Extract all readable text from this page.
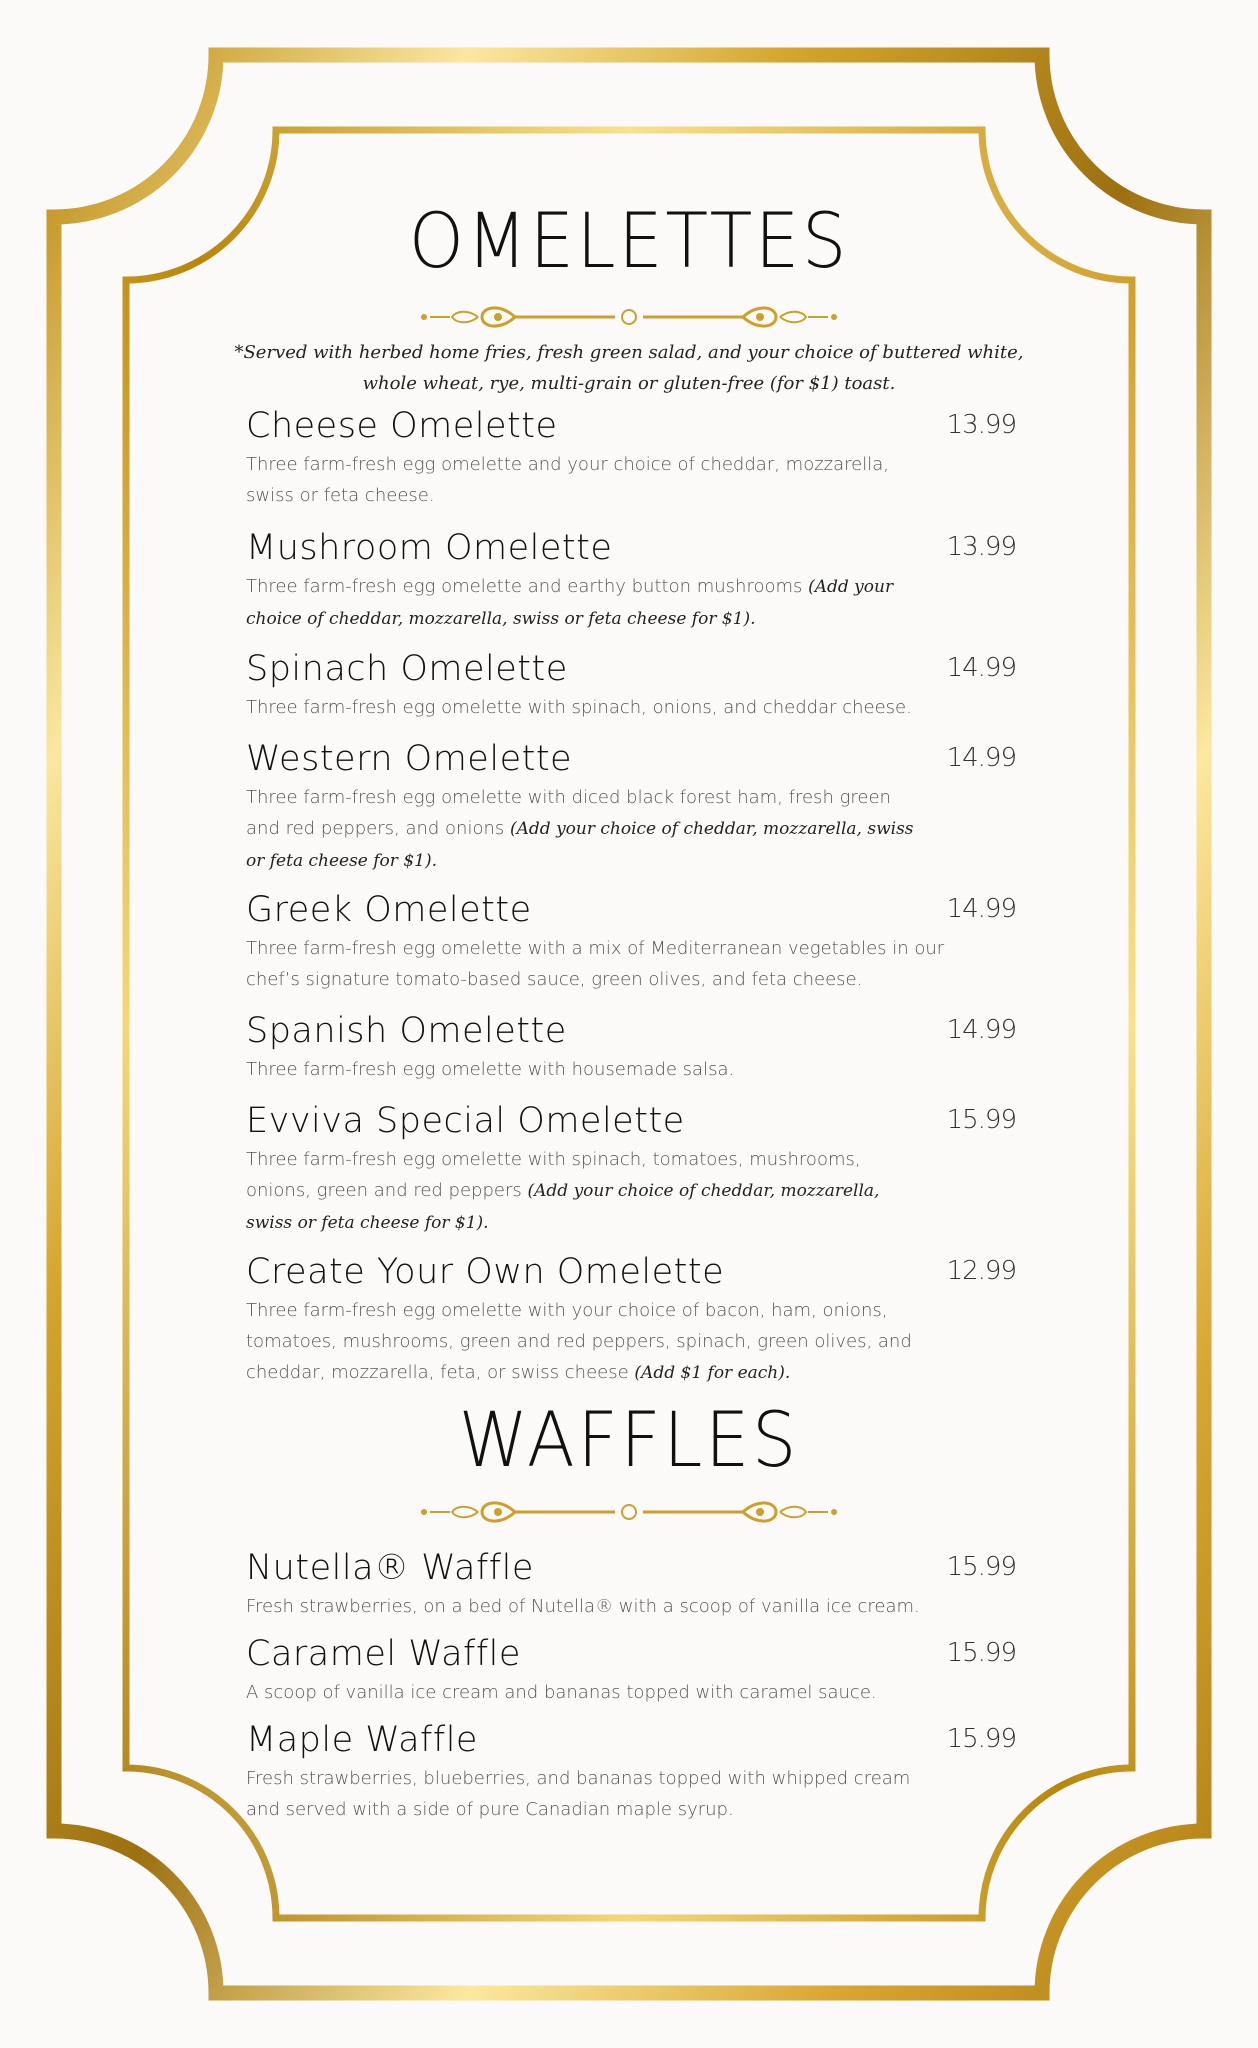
OMELETTES
*Served with herbed home fries, fresh green salad, and your choice of buttered white,
whole wheat, rye, multi-grain or gluten-free (for $1) toast.
Cheese Omelette	13.99
Three farm-fresh egg omelette and your choice of cheddar, mozzarella,
swiss or feta cheese.
Mushroom Omelette	13.99
Three farm-fresh egg omelette and earthy button mushrooms (Add your
choice of cheddar, mozzarella, swiss or feta cheese for $1).
Spinach Omelette	14.99
Three farm-fresh egg omelette with spinach, onions, and cheddar cheese.
Western Omelette	14.99
Three farm-fresh egg omelette with diced black forest ham, fresh green
and red peppers, and onions (Add your choice of cheddar, mozzarella, swiss
or feta cheese for $1).
Greek Omelette	14.99
Three farm-fresh egg omelette with a mix of Mediterranean vegetables in our
chef’s signature tomato-based sauce, green olives, and feta cheese.
Spanish Omelette	14.99
Three farm-fresh egg omelette with housemade salsa.
Evviva Special Omelette	15.99
Three farm-fresh egg omelette with spinach, tomatoes, mushrooms,
onions, green and red peppers (Add your choice of cheddar, mozzarella,
swiss or feta cheese for $1).
Create Your Own Omelette	12.99
Three farm-fresh egg omelette with your choice of bacon, ham, onions,
tomatoes, mushrooms, green and red peppers, spinach, green olives, and
cheddar, mozzarella, feta, or swiss cheese (Add $1 for each).
WAFFLES
Nutella® Waffle	15.99
Fresh strawberries, on a bed of Nutella® with a scoop of vanilla ice cream.
Caramel Waffle	15.99
A scoop of vanilla ice cream and bananas topped with caramel sauce.
Maple Waffle	15.99
Fresh strawberries, blueberries, and bananas topped with whipped cream
and served with a side of pure Canadian maple syrup.
